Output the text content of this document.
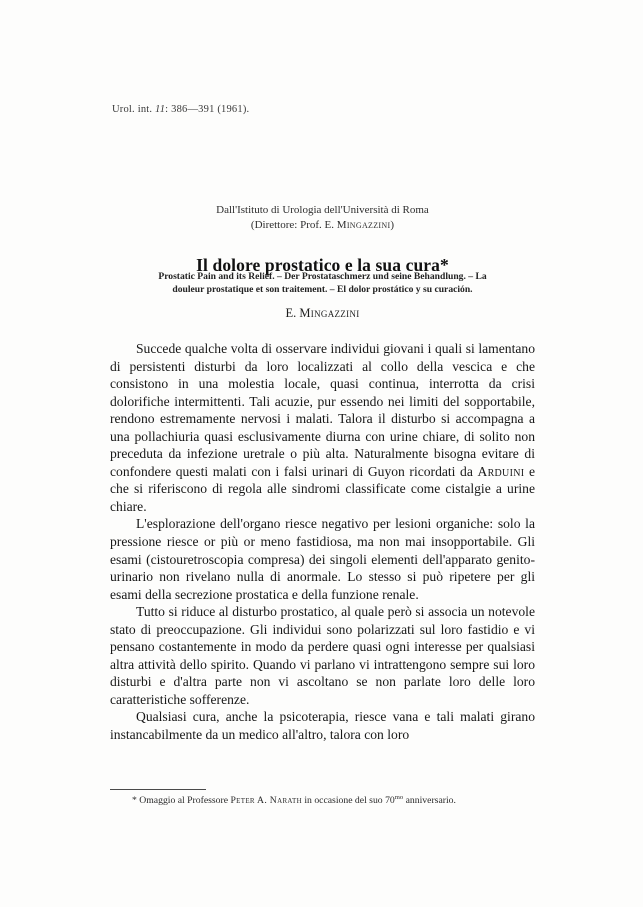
Urol. int. 11: 386—391 (1961).
Dall'Istituto di Urologia dell'Università di Roma
(Direttore: Prof. E. Mingazzini)
Il dolore prostatico e la sua cura*
Prostatic Pain and its Relief. – Der Prostataschmerz und seine Behandlung. – La
douleur prostatique et son traitement. – El dolor prostático y su curación.
E. Mingazzini

Succede qualche volta di osservare individui giovani i quali si lamentano di persistenti disturbi da loro localizzati al collo della vescica e che consistono in una molestia locale, quasi continua, interrotta da crisi dolorifiche intermittenti. Tali acuzie, pur essendo nei limiti del sopportabile, rendono estremamente nervosi i malati. Talora il disturbo si accompagna a una pollachiuria quasi esclusivamente diurna con urine chiare, di solito non preceduta da infezione uretrale o più alta. Naturalmente bisogna evitare di confondere questi malati con i falsi urinari di Guyon ricordati da Arduini e che si riferiscono di regola alle sindromi classificate come cistalgie a urine chiare.

L'esplorazione dell'organo riesce negativo per lesioni organiche: solo la pressione riesce or più or meno fastidiosa, ma non mai insopportabile. Gli esami (cistouretroscopia compresa) dei singoli elementi dell'apparato genito-urinario non rivelano nulla di anormale. Lo stesso si può ripetere per gli esami della secrezione prostatica e della funzione renale.

Tutto si riduce al disturbo prostatico, al quale però si associa un notevole stato di preoccupazione. Gli individui sono polarizzati sul loro fastidio e vi pensano costantemente in modo da perdere quasi ogni interesse per qualsiasi altra attività dello spirito. Quando vi parlano vi intrattengono sempre sui loro disturbi e d'altra parte non vi ascoltano se non parlate loro delle loro caratteristiche sofferenze.

Qualsiasi cura, anche la psicoterapia, riesce vana e tali malati girano instancabilmente da un medico all'altro, talora con loro

* Omaggio al Professore Peter A. Narath in occasione del suo $70^{mo}$ anniversario.
